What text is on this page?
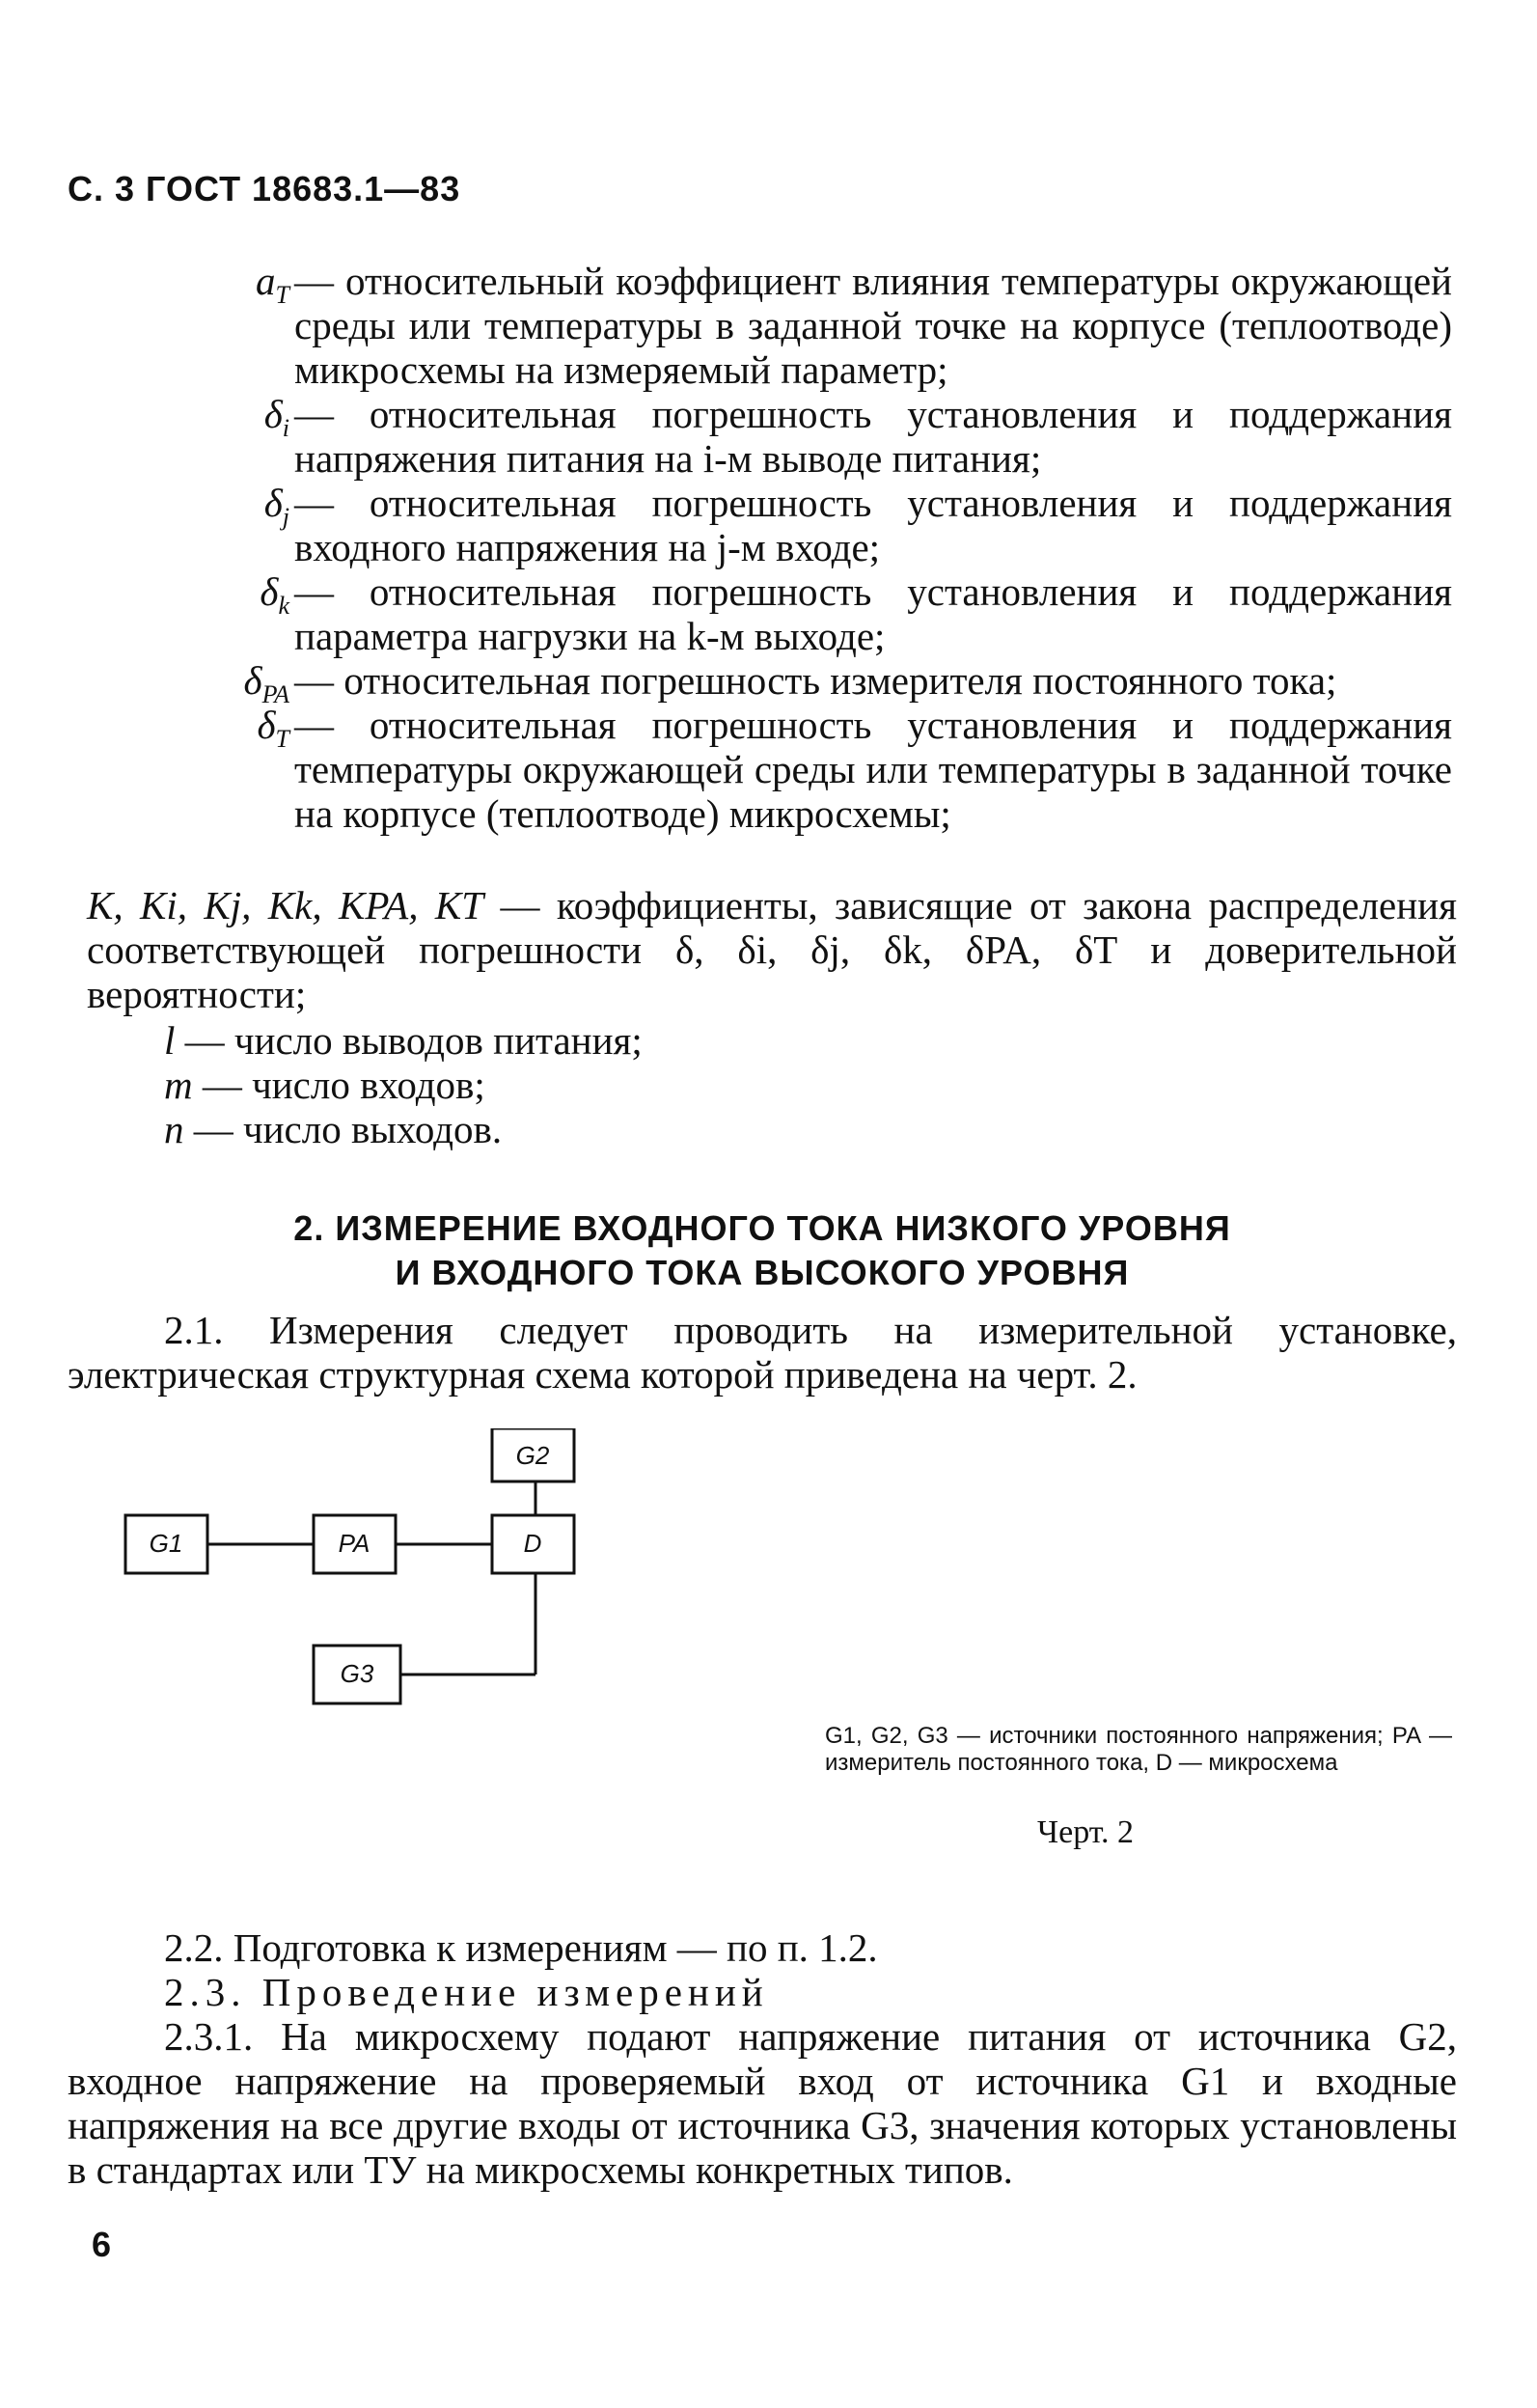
С. 3 ГОСТ 18683.1—83
$a_T$ — относительный коэффициент влияния температуры окружающей среды или температуры в заданной точке на корпусе (теплоотводе) микросхемы на измеряемый параметр;
$\delta_i$ — относительная погрешность установления и поддержания напряжения питания на i-м выводе питания;
$\delta_j$ — относительная погрешность установления и поддержания входного напряжения на j-м входе;
$\delta_k$ — относительная погрешность установления и поддержания параметра нагрузки на k-м выходе;
$\delta_{PA}$ — относительная погрешность измерителя постоянного тока;
$\delta_T$ — относительная погрешность установления и поддержания температуры окружающей среды или температуры в заданной точке на корпусе (теплоотводе) микросхемы;
K, Ki, Kj, Kk, KPA, KT — коэффициенты, зависящие от закона распределения соответствующей погрешности δ, δi, δj, δk, δPA, δT и доверительной вероятности;
l — число выводов питания;
m — число входов;
n — число выходов.
2. ИЗМЕРЕНИЕ ВХОДНОГО ТОКА НИЗКОГО УРОВНЯ
И ВХОДНОГО ТОКА ВЫСОКОГО УРОВНЯ
2.1. Измерения следует проводить на измерительной установке, электрическая структурная схема которой приведена на черт. 2.
G2
G1	PA	D
G3
G1, G2, G3 — источники постоянного напряжения; PA — измеритель постоянного тока, D — микросхема
Черт. 2
2.2. Подготовка к измерениям — по п. 1.2.
2.3. Проведение измерений
2.3.1. На микросхему подают напряжение питания от источника G2, входное напряжение на проверяемый вход от источника G1 и входные напряжения на все другие входы от источника G3, значения которых установлены в стандартах или ТУ на микросхемы конкретных типов.
6
